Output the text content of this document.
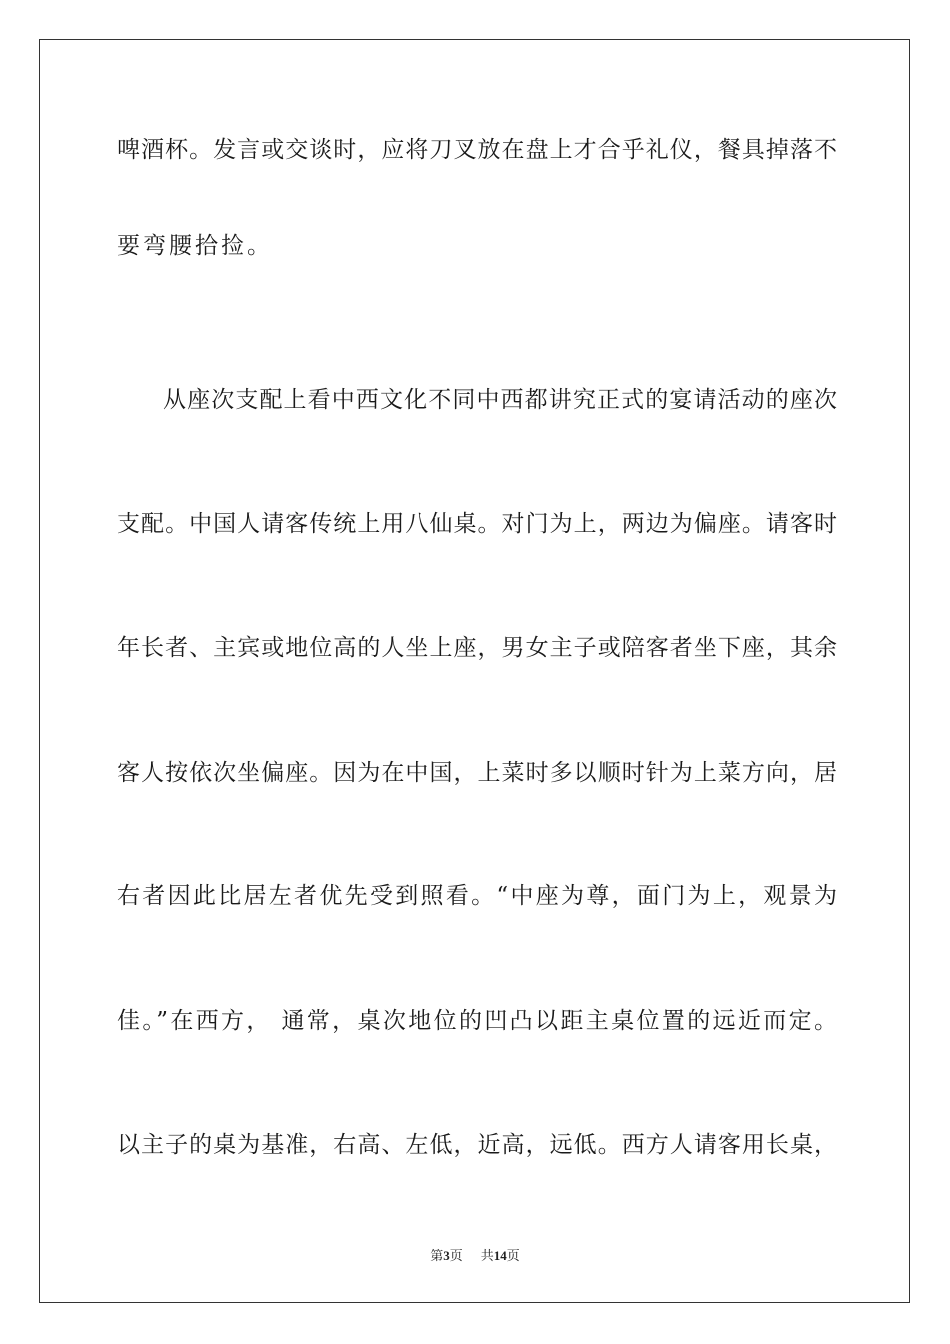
啤酒杯。发言或交谈时，应将刀叉放在盘上才合乎礼仪，餐具掉落不
要弯腰拾捡。
从座次支配上看中西文化不同中西都讲究正式的宴请活动的座次
支配。中国人请客传统上用八仙桌。对门为上，两边为偏座。请客时
年长者、主宾或地位高的人坐上座，男女主子或陪客者坐下座，其余
客人按依次坐偏座。因为在中国，上菜时多以顺时针为上菜方向，居
右者因此比居左者优先受到照看。“中座为尊，面门为上，观景为
佳。”在西方， 通常，桌次地位的凹凸以距主桌位置的远近而定。
以主子的桌为基准，右高、左低，近高，远低。西方人请客用长桌，
第3页 共14页
